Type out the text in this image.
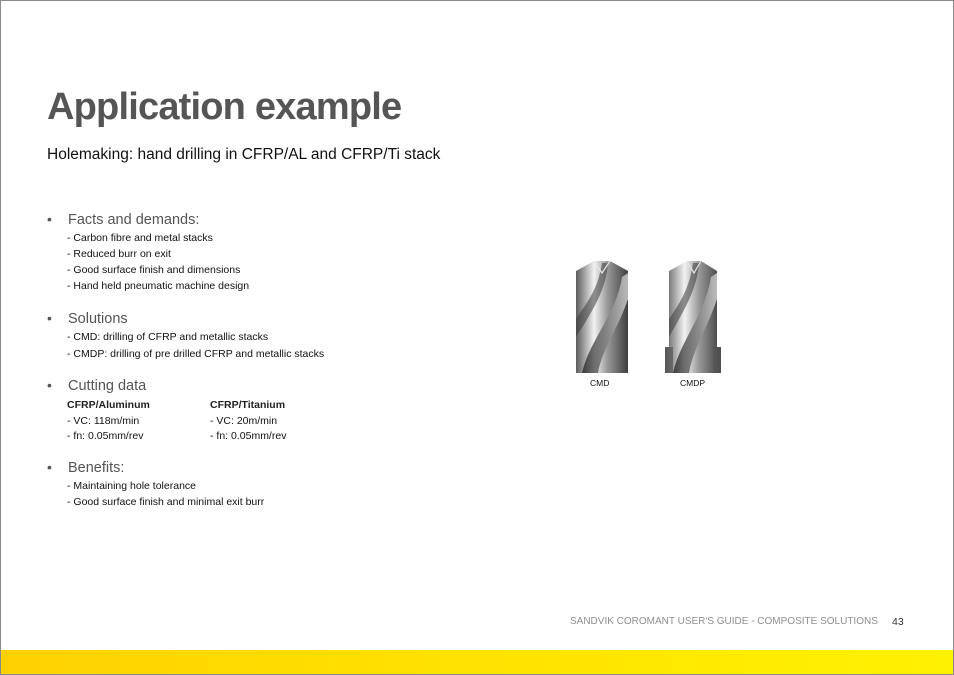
Application example
Holemaking: hand drilling in CFRP/AL and CFRP/Ti stack
• Facts and demands:
- Carbon fibre and metal stacks
- Reduced burr on exit
- Good surface finish and dimensions
- Hand held pneumatic machine design
• Solutions
- CMD: drilling of CFRP and metallic stacks
- CMDP: drilling of pre drilled CFRP and metallic stacks
• Cutting data
CFRP/Aluminum
- VC: 118m/min
- fn: 0.05mm/rev
CFRP/Titanium
- VC: 20m/min
- fn: 0.05mm/rev
• Benefits:
- Maintaining hole tolerance
- Good surface finish and minimal exit burr
CMD	CMDP
SANDVIK COROMANT USER'S GUIDE - COMPOSITE SOLUTIONS 43
